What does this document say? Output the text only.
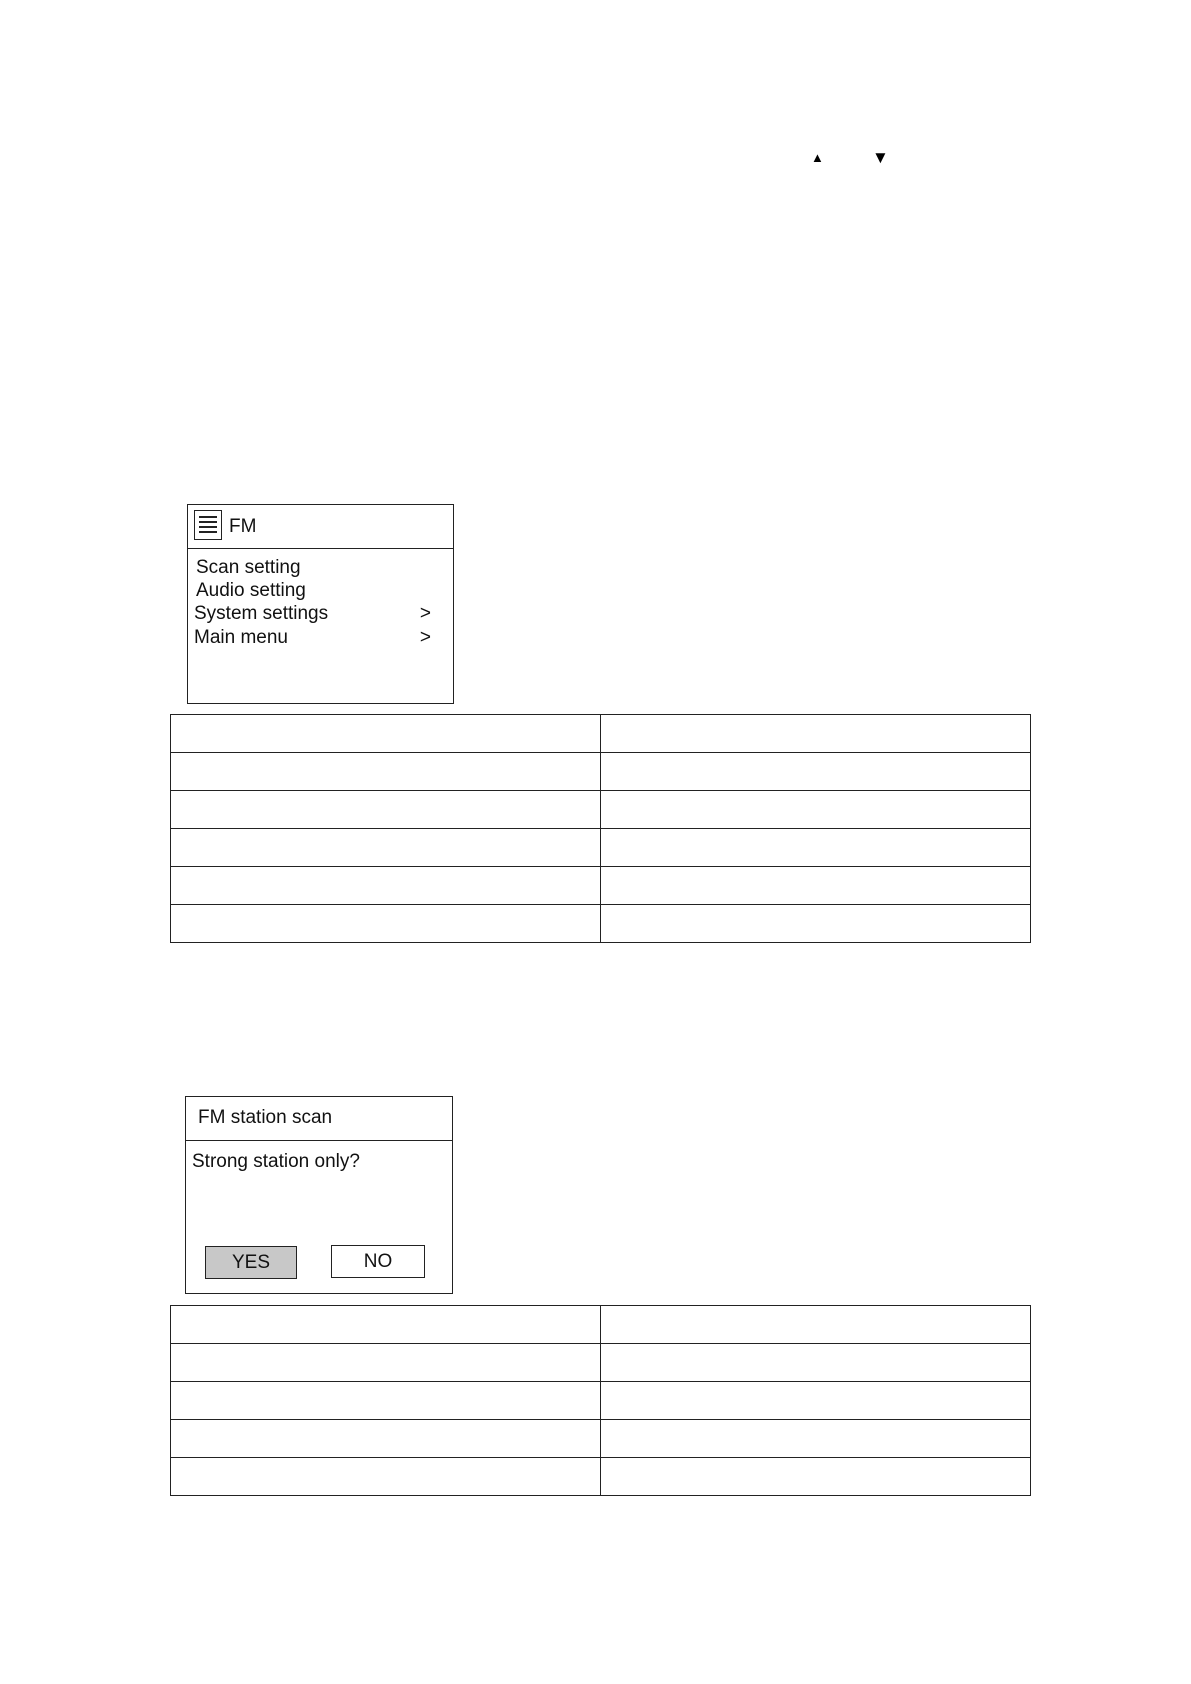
▲	▼
FM
Scan setting
Audio setting
System settings	>
Main menu	>

FM station scan
Strong station only?
YES	NO
